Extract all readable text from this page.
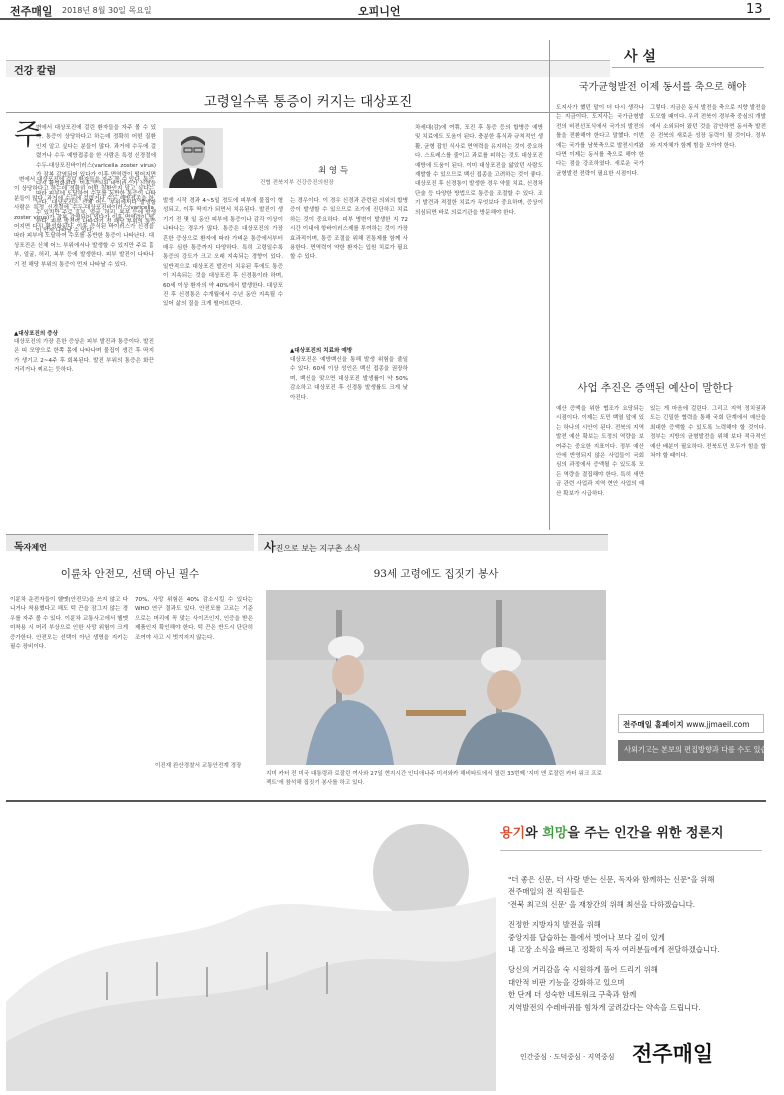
전주매일 2018년 8월 30일 목요일	오피니언	13
건강 칼럼
고령일수록 통증이 커지는 대상포진
주
변에서 대상포진에 걸린 환자들을 자주 볼 수 있다. 통증이 상당하다고 하는데 정확히 어떤 질환인지 알고 싶다는 분들이 많다. 과거에 수두에 걸렸거나 수두 예방접종을 한 사람은 특정 신경절에 수두-대상포진바이러스(varicella zoster virus)가 잠복 감염되어 있다가 이후 면역력이 떨어지면 다시 활성화된다. 이후 증식된 바이러스가 신경을 따라 피부에 도달하여 수포를 동반한 통증이 나타난다. 대상포진은 신체 어느 부위에서나 발생할 수 있지만 주로 흉부, 얼굴, 허리, 복부 등에 발생한다. 피부 발진이 나타나기 전 해당 부위의 통증이 먼저 나타날 수 있다.

변에서 대상포진에 걸린 환자들을 자주 볼 수 있다. 통증이 상당하다고 하는데 정확히 어떤 질환인지 알고 싶다는 분들이 많다. 과거에 수두에 걸렸거나 수두 예방접종을 한 사람은 특정 신경절에 수두-대상포진바이러스(varicella zoster virus)가 잠복 감염되어 있다가 이후 면역력이 떨어지면 다시 활성화된다. 이후 증식된 바이러스가 신경을 따라 피부에 도달하여 수포를 동반한 통증이 나타난다. 대상포진은 신체 어느 부위에서나 발생할 수 있지만 주로 흉부, 얼굴, 허리, 복부 등에 발생한다. 피부 발진이 나타나기 전 해당 부위의 통증이 먼저 나타날 수 있다.

▲대상포진의 증상
대상포진의 가장 흔한 증상은 피부 발진과 통증이다. 발진은 띠 모양으로 한쪽 몸에 나타나며 물집이 생긴 후 딱지가 생기고 2~4주 후 회복된다. 발진 부위의 통증은 화끈거리거나 찌르는 듯하다.
최 영 득
건협 전북지부 건강증진의원장
발생 시작 경과 4~5일 정도에 피부에 물집이 형성되고, 이후 딱지가 되면서 치유된다. 발진이 생기기 전 몇 일 동안 피부에 통증이나 감각 이상이 나타나는 경우가 많다. 통증은 대상포진의 가장 흔한 증상으로 환자에 따라 가벼운 통증에서부터 매우 심한 통증까지 다양하다. 특히 고령일수록 통증의 강도가 크고 오래 지속되는 경향이 있다. 일반적으로 대상포진 발진이 치유된 후에도 통증이 지속되는 것을 대상포진 후 신경통이라 하며, 60세 이상 환자의 약 40%에서 발생한다. 대상포진 후 신경통은 수개월에서 수년 동안 지속될 수 있어 삶의 질을 크게 떨어뜨린다.
는 경우이다. 이 경우 신경과 관련된 의외의 합병증이 발생할 수 있으므로 조기에 진단하고 치료하는 것이 중요하다. 피부 병변이 발생한 지 72시간 이내에 항바이러스제를 투여하는 것이 가장 효과적이며, 통증 조절을 위해 진통제를 함께 사용한다. 면역력이 약한 환자는 입원 치료가 필요할 수 있다.
▲대상포진의 치료와 예방
대상포진은 예방백신을 통해 발생 위험을 줄일 수 있다. 60세 이상 성인은 백신 접종을 권장하며, 백신을 맞으면 대상포진 발생률이 약 50% 감소하고 대상포진 후 신경통 발생률도 크게 낮아진다.
차세대(감)에 여쭤, 포진 후 통증 등의 합병증 예방 및 치료에도 도움이 된다. 충분한 휴식과 규칙적인 생활, 균형 잡힌 식사로 면역력을 유지하는 것이 중요하다. 스트레스를 줄이고 과로를 피하는 것도 대상포진 예방에 도움이 된다. 이미 대상포진을 앓았던 사람도 재발할 수 있으므로 백신 접종을 고려하는 것이 좋다. 대상포진 후 신경통이 발생한 경우 약물 치료, 신경차단술 등 다양한 방법으로 통증을 조절할 수 있다. 조기 발견과 적절한 치료가 무엇보다 중요하며, 증상이 의심되면 바로 의료기관을 방문해야 한다.
사 설
국가균형발전 이제 동서를 축으로 해야
도지사가 했던 말이 더 다시 생각나는 지금이다. 도지사는 국가균형발전의 비전선포식에서 국가의 발전의 틀을 전환해야 한다고 말했다. 이번에는 국가를 남북축으로 발전시켜왔다면 이제는 동서를 축으로 해야 한다는 점을 강조하였다. 새로운 국가균형발전 전략이 필요한 시점이다.
그렇다. 지금은 동서 발전을 축으로 지향 발전을 도모할 때이다. 우리 전북이 경부축 중심의 개발에서 소외되어 왔던 것을 감안하면 동서축 발전은 전북의 새로운 성장 동력이 될 것이다. 정부와 지자체가 함께 힘을 모아야 한다.
사업 추진은 증액된 예산이 말한다
예산 증액을 위한 협조가 요당되는 시점이다. 이제는 도민 백열 앞에 있는 하나의 시안이 된다. 전북의 지역발전 예산 확보는 도정의 역량을 보여주는 중요한 지표이다. 정부 예산안에 반영되지 않은 사업들이 국회 심의 과정에서 증액될 수 있도록 모든 역량을 결집해야 한다. 특히 새만금 관련 사업과 지역 현안 사업의 예산 확보가 시급하다.
있는 게 마음에 걸린다. 그리고 지역 정치권과 도는 긴밀한 협력을 통해 국회 단계에서 예산을 최대한 증액할 수 있도록 노력해야 할 것이다. 정부는 지방의 균형발전을 위해 보다 적극적인 예산 배분이 필요하다. 전북도민 모두가 힘을 합쳐야 할 때이다.
독자제언	사진으로 보는 지구촌 소식
이륜차 안전모, 선택 아닌 필수
이륜차 운전자들이 헬멧(안전모)을 쓰지 않고 다니거나 착용했다고 해도 턱 끈을 잠그지 않는 경우를 자주 볼 수 있다. 이륜차 교통사고에서 헬멧 미착용 시 머리 부상으로 인한 사망 위험이 크게 증가한다. 안전모는 선택이 아닌 생명을 지키는 필수 장비이다.
70%, 사망 위험은 40% 감소시킬 수 있다는 WHO 연구 결과도 있다. 안전모를 고르는 기준으로는 머리에 꼭 맞는 사이즈인지, 인증을 받은 제품인지 확인해야 한다. 턱 끈은 반드시 단단히 조여야 사고 시 벗겨지지 않는다.
이진재 완산경찰서 교통안전계 경장
93세 고령에도 집짓기 봉사
지미 카터 전 미국 대통령과 로잘린 여사와 27일 현지시간 인디애나주 미셔와카 해비타트에서 열린 33번째 '지미 앤 로잘린 카터 워크 프로젝트'에 참석해 집짓기 봉사를 하고 있다.
전주매일 홈페이지 www.jjmaeil.com
사외기고는 본보의 편집방향과 다를 수도 있습니다.
용기와 희망을 주는 인간을 위한 정론지
"더 좋은 신문, 더 사랑 받는 신문, 독자와 함께하는 신문"을 위해
전주매일의 전 직원들은
'전북 최고의 신문' 을 재창간의 위해 최선을 다하겠습니다.
진정한 지방자치 발전을 위해
중앙지를 답습하는 틀에서 벗어나 보다 깊이 있게
내 고장 소식을 빠르고 정확히 독자 여러분들에게 전달하겠습니다.
당신의 거리감을 숙 시원하게 풀어 드리기 위해
대안적 비판 기능을 강화하고 있으며
한 단계 더 성숙한 네트워크 구축과 함께
지역발전의 수레바퀴를 힘차게 굴려갔다는 약속을 드립니다.
인간중심 · 도덕중심 · 지역중심 전주매일
